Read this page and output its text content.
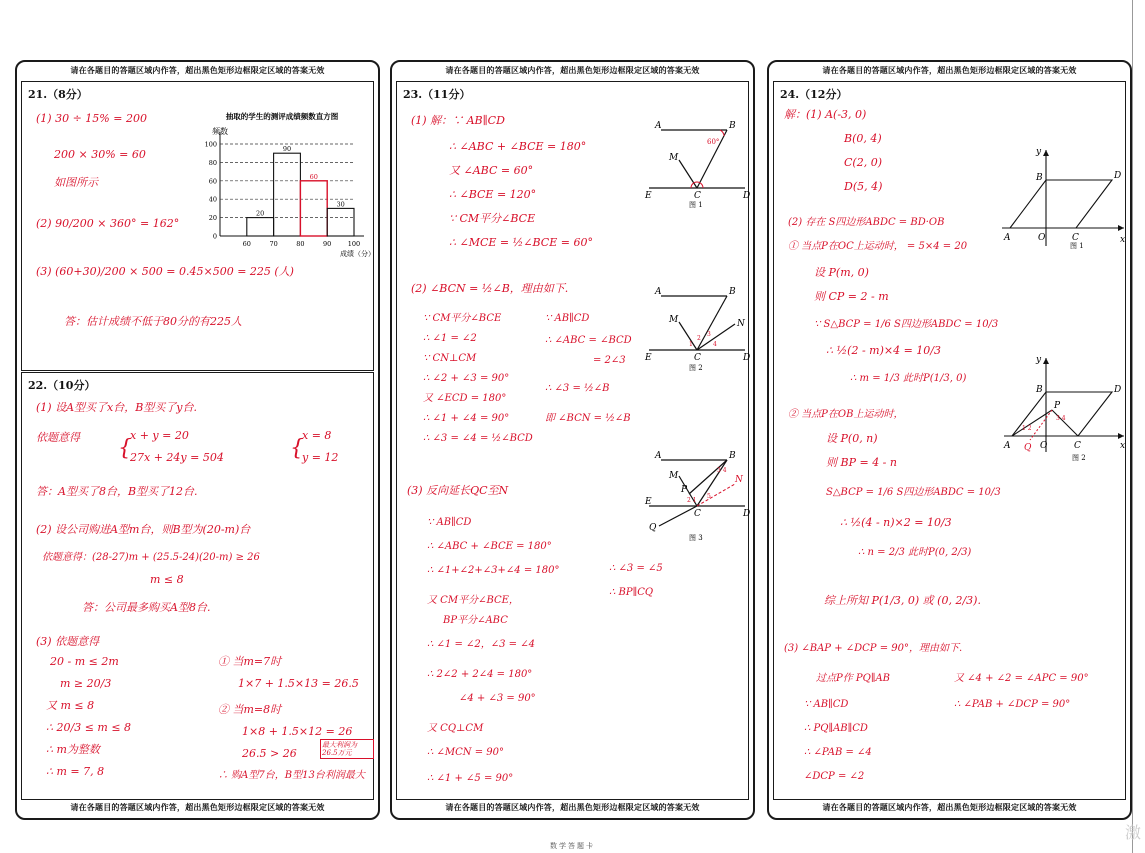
请在各题目的答题区域内作答，超出黑色矩形边框限定区域的答案无效
21.（8分）
(1) 30 ÷ 15% = 200
200 × 30% = 60
如图所示
(2) 90/200 × 360° = 162°
(3) (60+30)/200 × 500 = 0.45×500 = 225 (人)
答：估计成绩不低于80分的有225人
抽取的学生的测评成绩频数直方图
频数
成绩（分）
20
90
60
30
0
20
40
60
80
100
60	70	80	90	100
22.（10分）
(1) 设A型买了x台，B型买了y台.
依题意得 {
x + y = 20
27x + 24y = 504	{
x = 8
y = 12
答：A型买了8台，B型买了12台.
(2) 设公司购进A型m台，则B型为(20-m)台
依题意得：(28-27)m + (25.5-24)(20-m) ≥ 26
m ≤ 8
答：公司最多购买A型8台.
(3) 依题意得
20 - m ≤ 2m
m ≥ 20/3
又 m ≤ 8
∴ 20/3 ≤ m ≤ 8
∴ m为整数
∴ m = 7, 8
① 当m=7时
1×7 + 1.5×13 = 26.5
② 当m=8时
1×8 + 1.5×12 = 26
26.5 > 26
∴ 购A型7台，B型13台利润最大
最大利润为26.5万元
请在各题目的答题区域内作答，超出黑色矩形边框限定区域的答案无效
请在各题目的答题区域内作答，超出黑色矩形边框限定区域的答案无效
23.（11分）
(1) 解：∵ AB∥CD
∴ ∠ABC + ∠BCE = 180°
又 ∠ABC = 60°
∴ ∠BCE = 120°
∵ CM平分∠BCE
∴ ∠MCE = ½∠BCE = 60°
(2) ∠BCN = ½∠B，理由如下.
∵ CM平分∠BCE
∴ ∠1 = ∠2
∵ CN⊥CM
∴ ∠2 + ∠3 = 90°
又 ∠ECD = 180°
∴ ∠1 + ∠4 = 90°
∴ ∠3 = ∠4 = ½∠BCD
∵ AB∥CD
∴ ∠ABC = ∠BCD
= 2∠3
∴ ∠3 = ½∠B
即 ∠BCN = ½∠B
(3) 反向延长QC至N
∵ AB∥CD
∴ ∠ABC + ∠BCE = 180°
∴ ∠1+∠2+∠3+∠4 = 180°
又 CM平分∠BCE，
BP平分∠ABC
∴ ∠1 = ∠2，∠3 = ∠4
∴ 2∠2 + 2∠4 = 180°
∠4 + ∠3 = 90°
又 CQ⊥CM
∴ ∠MCN = 90°
∴ ∠1 + ∠5 = 90°
∴ ∠3 = ∠5
∴ BP∥CQ
A	B
M
E	C	D
60°
图 1
1
2
3
4
A	B
M	N
E	C	D
图 2
3 4
2 1
5
A	B
M
P
N
E
C	D
Q
图 3
请在各题目的答题区域内作答，超出黑色矩形边框限定区域的答案无效
请在各题目的答题区域内作答，超出黑色矩形边框限定区域的答案无效
24.（12分）
解：(1) A(-3, 0)
B(0, 4)
C(2, 0)
D(5, 4)
(2) 存在 S四边形ABDC = BD·OB
① 当点P在OC上运动时， = 5×4 = 20
设 P(m, 0)
则 CP = 2 - m
∵ S△BCP = 1/6 S四边形ABDC = 10/3
∴ ½(2 - m)×4 = 10/3
∴ m = 1/3 此时P(1/3, 0)
② 当点P在OB上运动时，
设 P(0, n)
则 BP = 4 - n
S△BCP = 1/6 S四边形ABDC = 10/3
∴ ½(4 - n)×2 = 10/3
∴ n = 2/3 此时P(0, 2/3)
综上所知 P(1/3, 0) 或 (0, 2/3).
(3) ∠BAP + ∠DCP = 90°，理由如下.
过点P作 PQ∥AB
∵ AB∥CD
∴ PQ∥AB∥CD
∴ ∠PAB = ∠4
∠DCP = ∠2
又 ∠4 + ∠2 = ∠APC = 90°
∴ ∠PAB + ∠DCP = 90°
y
x
B	D
A	O	C
图 1
1 2
3 4
y
x
B	D
P
A Q O	C
图 2
请在各题目的答题区域内作答，超出黑色矩形边框限定区域的答案无效
数学答题卡
激
